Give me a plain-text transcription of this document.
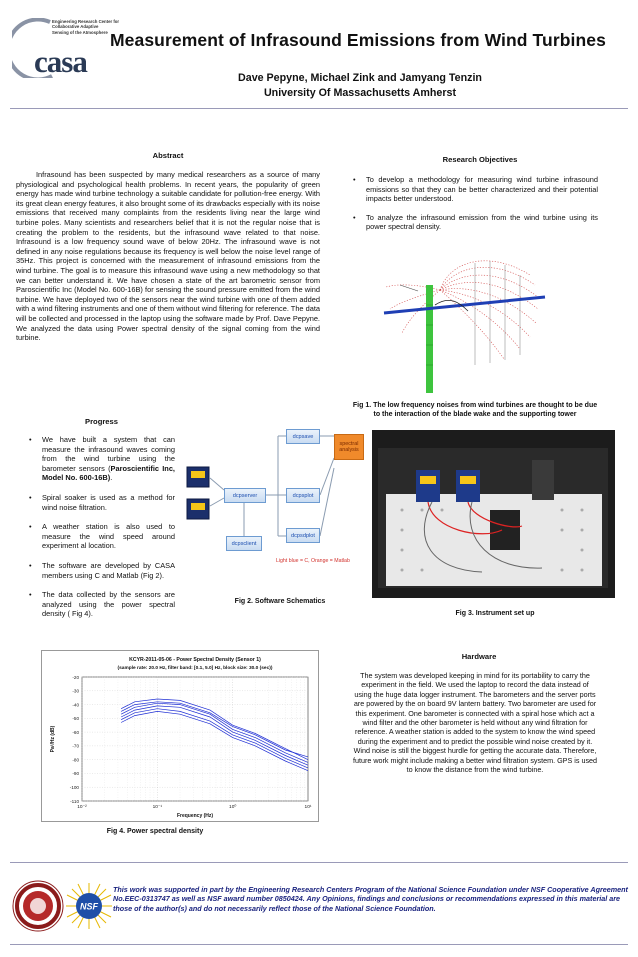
Engineering Research Center for
Collaborative Adaptive
Sensing of the Atmosphere
casa
Measurement of Infrasound Emissions from Wind Turbines
Dave Pepyne, Michael Zink and Jamyang Tenzin
University Of Massachusetts Amherst
Abstract
Infrasound has been suspected by many medical researchers as a source of many physiological and psychological health problems. In recent years, the popularity of green energy has made wind turbine technology a suitable candidate for pollution-free energy. With its great clean energy features, it also brought some of its drawbacks especially with its noise emissions that received many complaints from the residents living near the large wind turbine poles. Many scientists and researchers belief that it is not the regular noise that is creating the problem to the residents, but the infrasound wave related to that noise. Infrasound is a low frequency sound wave of below 20Hz. The infrasound wave is not defined in any noise regulations because its frequency is well below the noise level range of 35Hz. This project is concerned with the measurement of infrasound emissions from the wind turbine. The goal is to measure this infrasound wave using a new methodology so that we can better understand it. We have chosen a state of the art barometric sensor from Paroscientific Inc (Model No. 600-16B) for sensing the sound pressure emitted from the wind turbine. We have deployed two of the sensors near the wind turbine with one of them added with a wind filtering instruments and one of them without wind filtering for reference. The data will be collected and processed in the laptop using the software made by Prof. Dave Pepyne. We analyzed the data using Power spectral density of the signal coming from the wind turbine.
Research Objectives
• To develop a methodology for measuring wind turbine infrasound emissions so that they can be better characterized and their potential impacts better understood.
• To analyze the infrasound emission from the wind turbine using its power spectral density.
Fig 1. The low frequency noises from wind turbines are thought to be due to the interaction of the blade wake and the supporting tower
Progress
• We have built a system that can measure the infrasound waves coming from the wind turbine using the barometer sensors (Paroscientific Inc, Model No. 600-16B).
• Spiral soaker is used as a method for wind noise filtration.
• A weather station is also used to measure the wind speed around experiment al location.
• The software are developed by CASA members using C and Matlab (Fig 2).
• The data collected by the sensors are analyzed using the power spectral density ( Fig 4).
dcpserver
dcpsave
dcpsplot
dcpsdplot
dcpsclient
spectral analysis
Light blue = C, Orange = Matlab
Fig 2. Software Schematics
Fig 3. Instrument set up
Hardware
The system was developed keeping in mind for its portability to carry the experiment in the field. We used the laptop to record the data instead of using the huge data logger instrument. The barometers and the server ports are powered by the on board 9V lantern battery. Two barometer are used for this experiment. One barometer is connected with a spiral hose which act a wind filter and the other barometer is held without any wind filtration for reference. A weather station is added to the system to know the wind speed during the experiment and to predict the possible wind noise created by it. Wind noise is still the biggest hurdle for getting the accurate data. Therefore, future work might include making a better wind filtration system. GPS is used to know the distance from the wind turbine.
-20
-30
-40
-50
-60
-70
-80
-90
-100
-110
10⁻²	10⁻¹	10⁰	10¹
KCYR-2011-05-06 - Power Spectral Density (Sensor 1)
(sample rate: 20.0 Hz, filter band: [0.1, 5.0] Hz, block size: 30.0 (sec))
Frequency (Hz)
Pa²/Hz (dB)
Fig 4. Power spectral density
NSF
This work was supported in part by the Engineering Research Centers Program of the National Science Foundation under NSF Cooperative Agreement No.EEC-0313747 as well as NSF award number 0850424. Any Opinions, findings and conclusions or recommendations expressed in this material are those of the author(s) and do not necessarily reflect those of the National Science Foundation.
